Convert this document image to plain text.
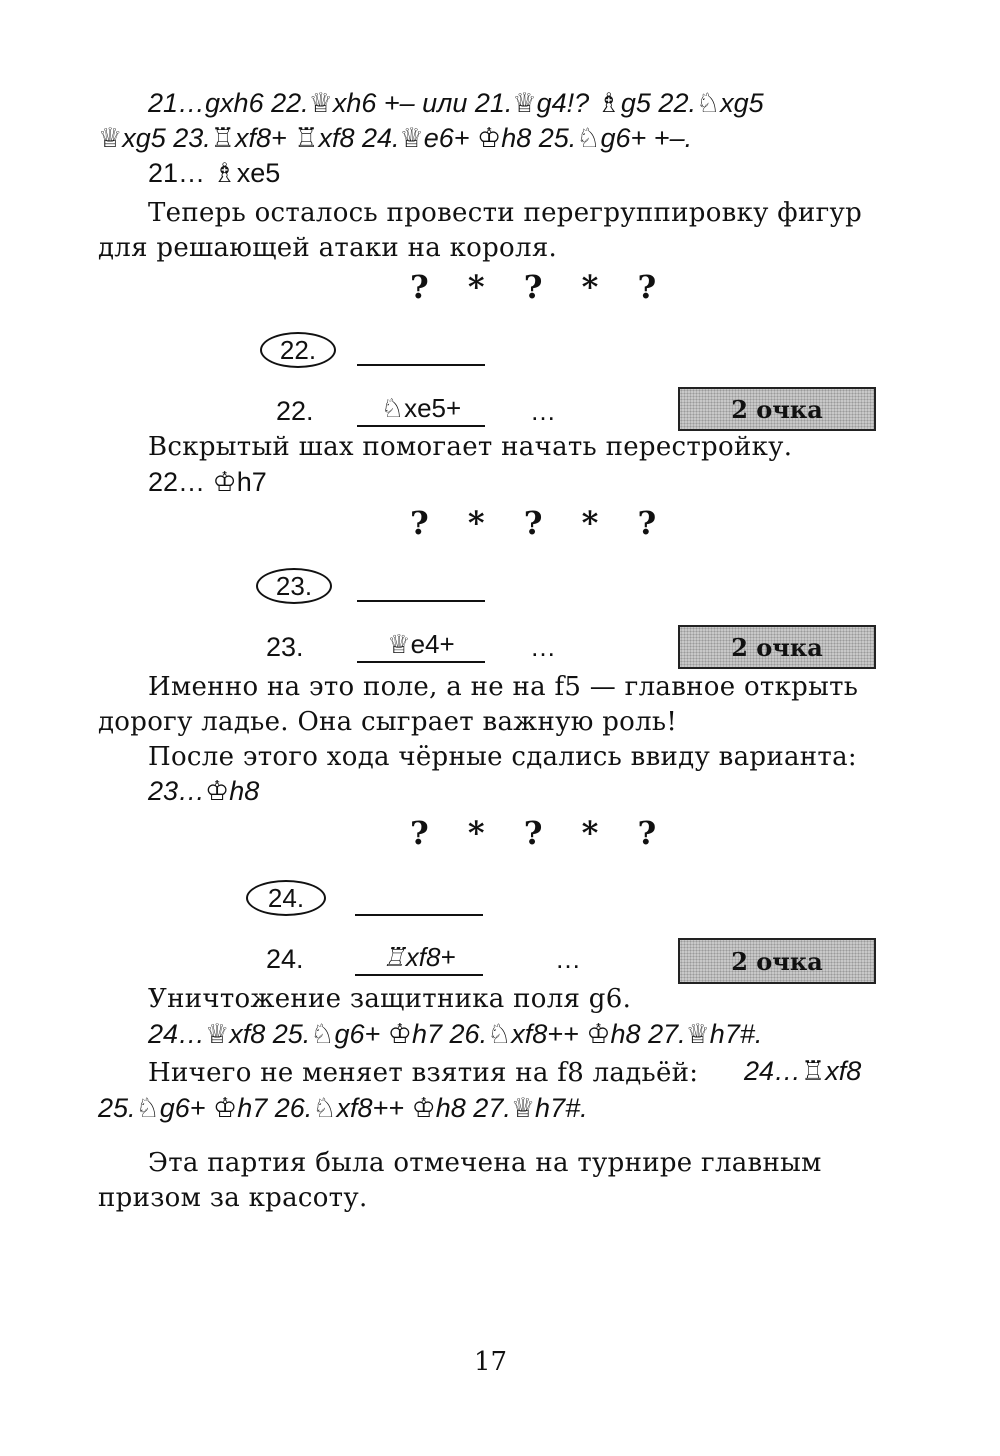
21…gxh6 22.♕xh6 +– или 21.♕g4!? ♗g5 22.♘xg5
♕xg5 23.♖xf8+ ♖xf8 24.♕e6+ ♔h8 25.♘g6+ +–.
21… ♗xe5
Теперь осталось провести перегруппировку фигур
для решающей атаки на короля.
? * ? * ?
22.
22.	♘xe5+	…	2 очка
Вскрытый шах помогает начать перестройку.
22… ♔h7
? * ? * ?
23.
23.	♕e4+	…	2 очка
Именно на это поле, а не на f5 — главное открыть
дорогу ладье. Она сыграет важную роль!
После этого хода чёрные сдались ввиду варианта:
23…♔h8
? * ? * ?
24.
24.	♖xf8+	…	2 очка
Уничтожение защитника поля g6.
24…♕xf8 25.♘g6+ ♔h7 26.♘xf8++ ♔h8 27.♕h7#.
Ничего не меняет взятия на f8 ладьёй: 24…♖xf8
25.♘g6+ ♔h7 26.♘xf8++ ♔h8 27.♕h7#.
Эта партия была отмечена на турнире главным
призом за красоту.
17
